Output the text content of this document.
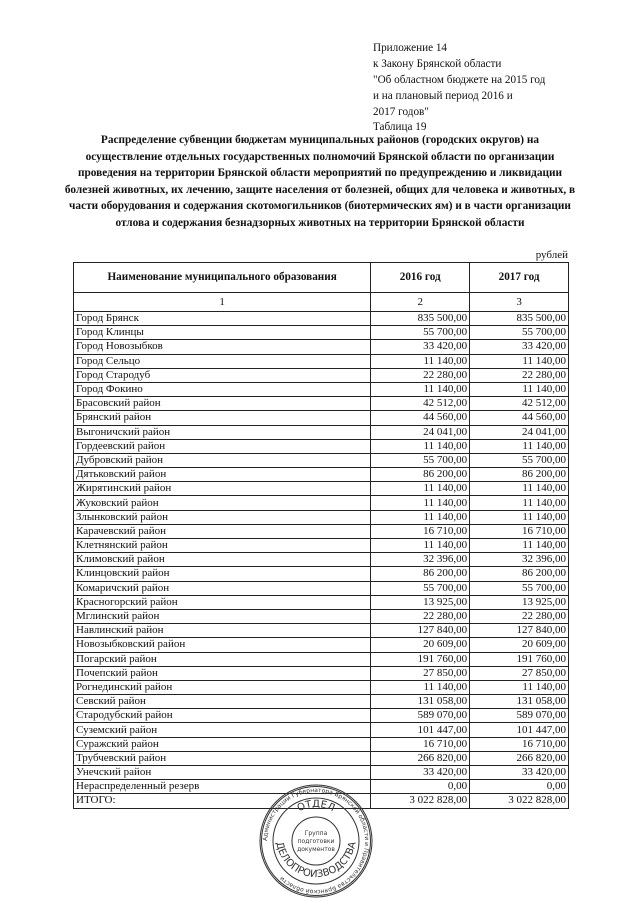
Приложение 14
к Закону Брянской области
"Об областном бюджете на 2015 год
и на плановый период 2016 и
2017 годов"
Таблица 19
Распределение субвенции бюджетам муниципальных районов (городских округов) на осуществление отдельных государственных полномочий Брянской области по организации проведения на территории Брянской области мероприятий по предупреждению и ликвидации болезней животных, их лечению, защите населения от болезней, общих для человека и животных, в части оборудования и содержания скотомогильников (биотермических ям) и в части организации отлова и содержания безнадзорных животных на территории Брянской области
рублей
Наименование муниципального образования	2016 год	2017 год
1	2	3
Город Брянск	835 500,00	835 500,00
Город Клинцы	55 700,00	55 700,00
Город Новозыбков	33 420,00	33 420,00
Город Сельцо	11 140,00	11 140,00
Город Стародуб	22 280,00	22 280,00
Город Фокино	11 140,00	11 140,00
Брасовский район	42 512,00	42 512,00
Брянский район	44 560,00	44 560,00
Выгоничский район	24 041,00	24 041,00
Гордеевский район	11 140,00	11 140,00
Дубровский район	55 700,00	55 700,00
Дятьковский район	86 200,00	86 200,00
Жирятинский район	11 140,00	11 140,00
Жуковский район	11 140,00	11 140,00
Злынковский район	11 140,00	11 140,00
Карачевский район	16 710,00	16 710,00
Клетнянский район	11 140,00	11 140,00
Климовский район	32 396,00	32 396,00
Клинцовский район	86 200,00	86 200,00
Комаричский район	55 700,00	55 700,00
Красногорский район	13 925,00	13 925,00
Мглинский район	22 280,00	22 280,00
Навлинский район	127 840,00	127 840,00
Новозыбковский район	20 609,00	20 609,00
Погарский район	191 760,00	191 760,00
Почепский район	27 850,00	27 850,00
Рогнединский район	11 140,00	11 140,00
Севский район	131 058,00	131 058,00
Стародубский район	589 070,00	589 070,00
Суземский район	101 447,00	101 447,00
Суражский район	16 710,00	16 710,00
Трубчевский район	266 820,00	266 820,00
Унечский район	33 420,00	33 420,00
Нераспределенный резерв	0,00	0,00
ИТОГО:	3 022 828,00	3 022 828,00
Администрации Губернатора Брянской области и Правительства Брянской области
ОТДЕЛ
ДЕЛОПРОИЗВОДСТВА
Группа
подготовки
документов
